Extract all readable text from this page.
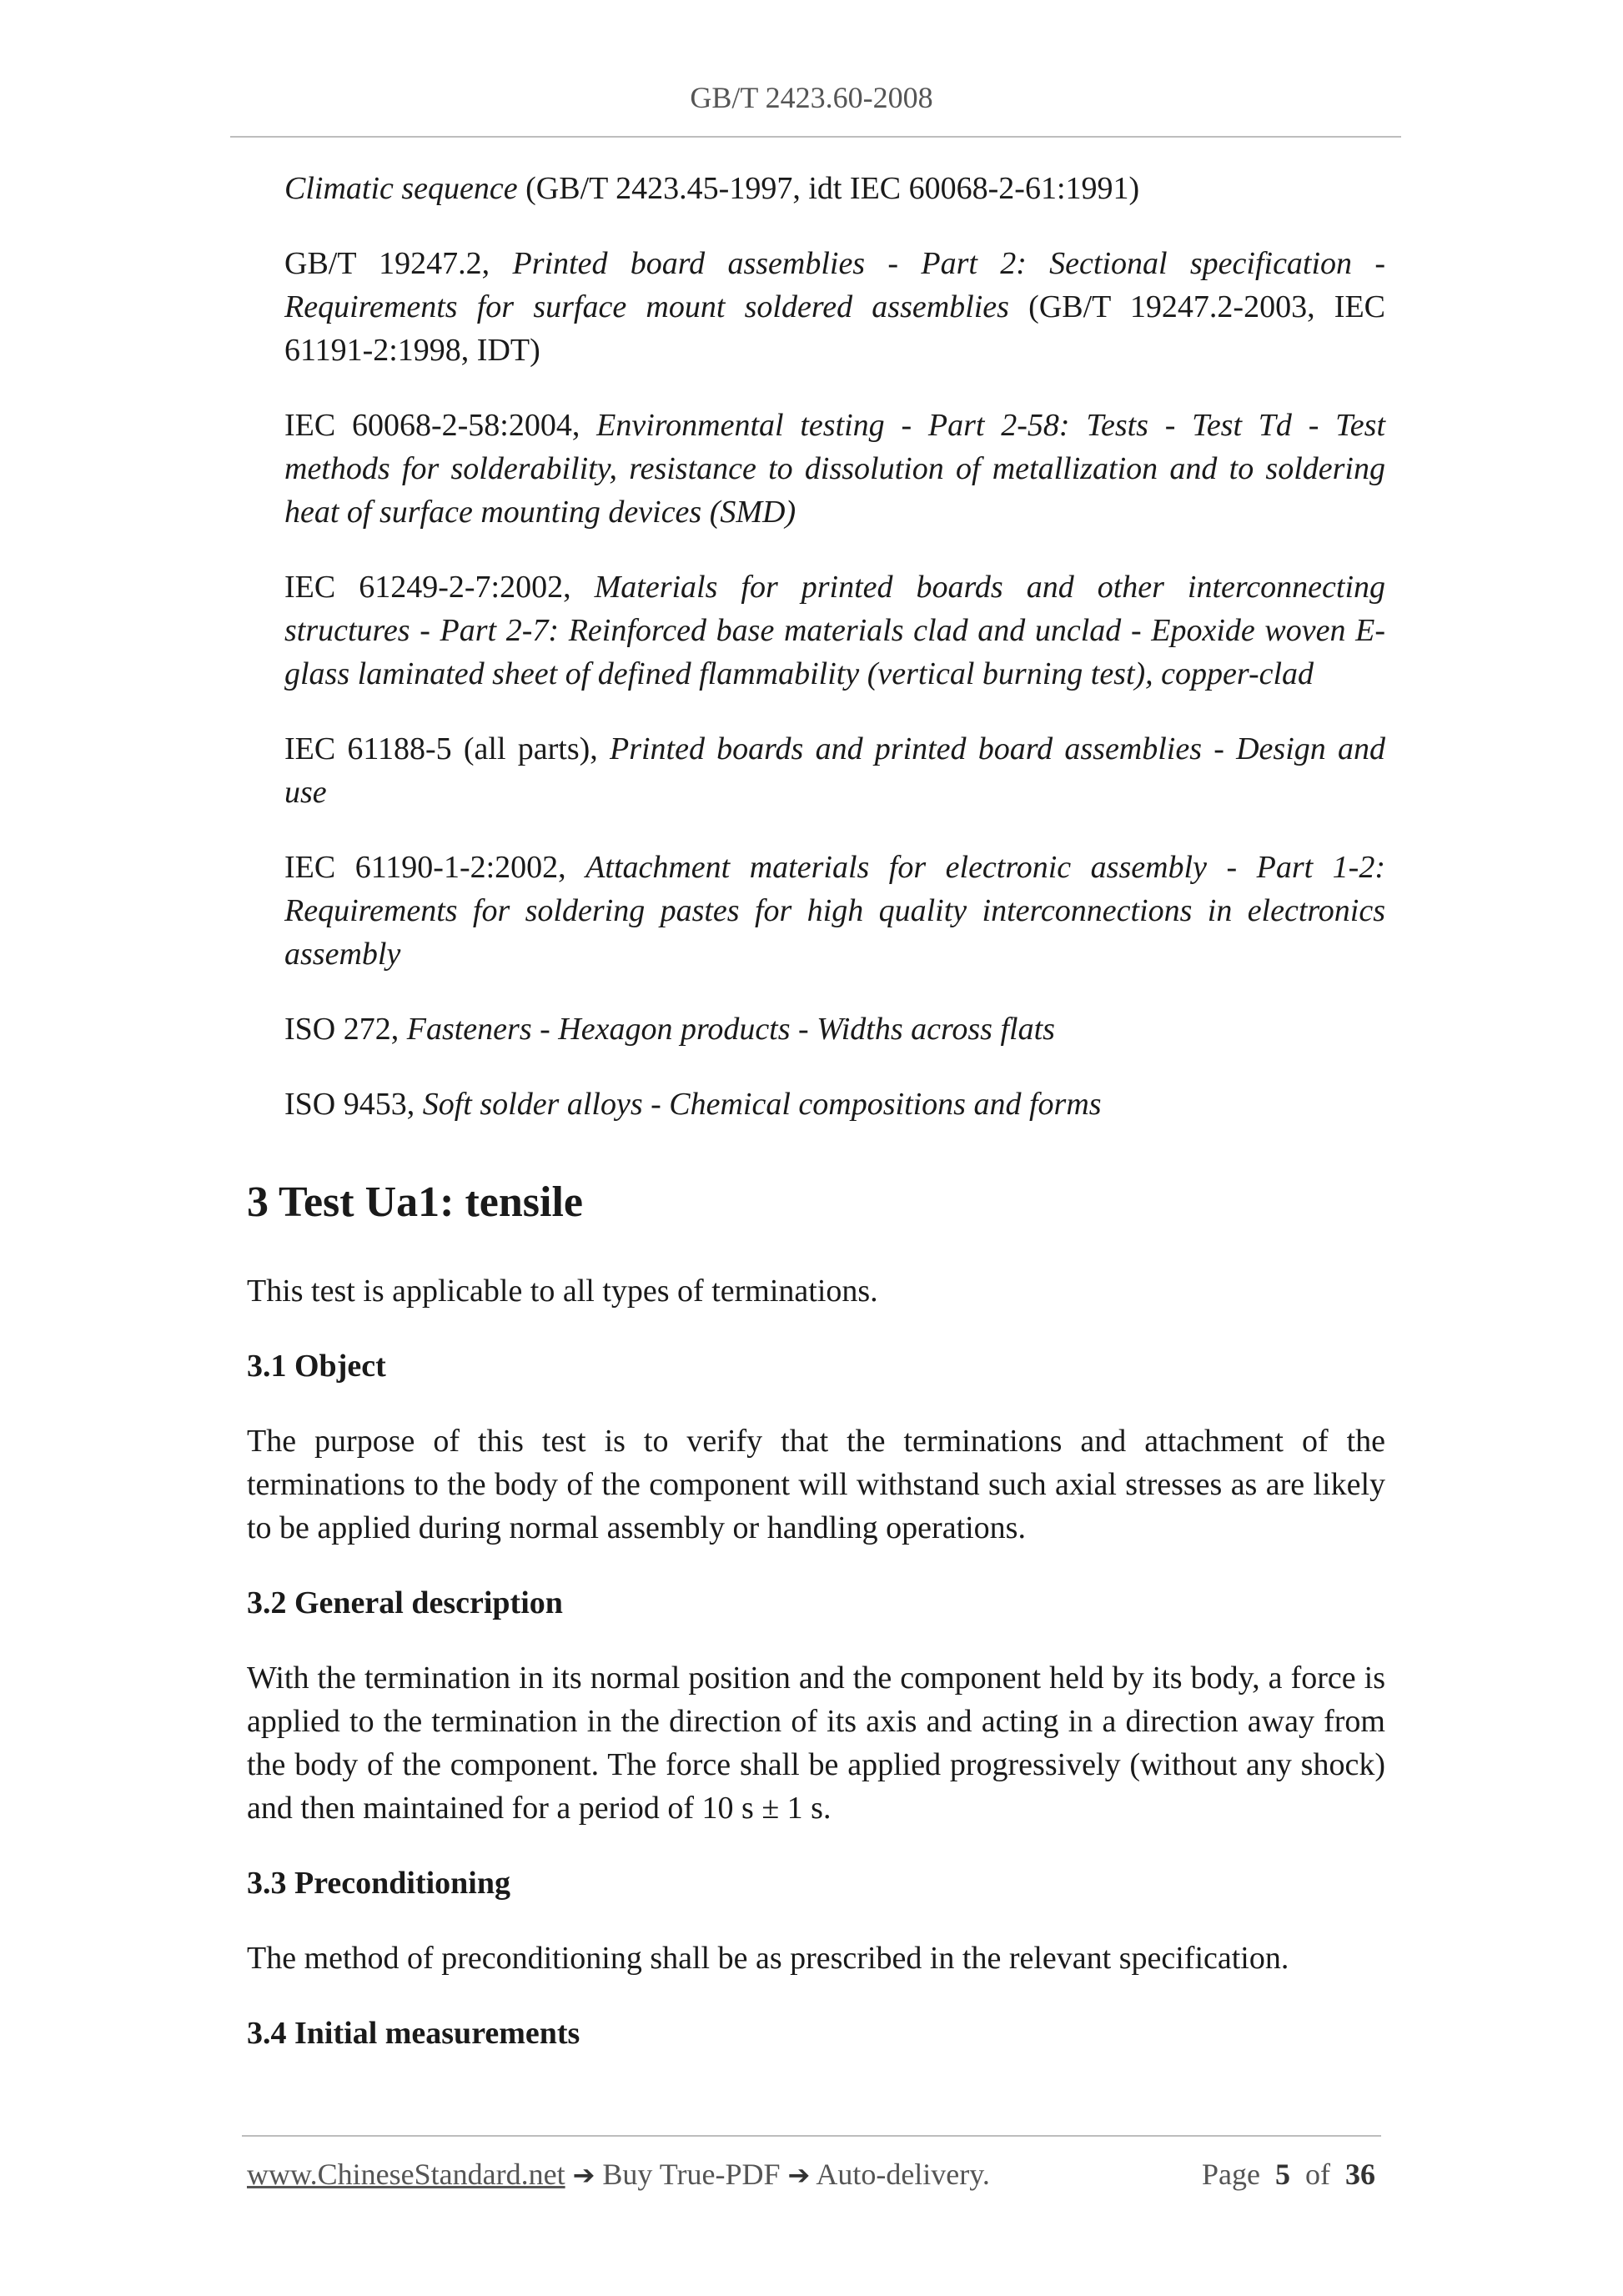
GB/T 2423.60-2008

Climatic sequence (GB/T 2423.45-1997, idt IEC 60068-2-61:1991)

GB/T 19247.2, Printed board assemblies - Part 2: Sectional specification - Requirements for surface mount soldered assemblies (GB/T 19247.2-2003, IEC 61191-2:1998, IDT)

IEC 60068-2-58:2004, Environmental testing - Part 2-58: Tests - Test Td - Test methods for solderability, resistance to dissolution of metallization and to soldering heat of surface mounting devices (SMD)

IEC 61249-2-7:2002, Materials for printed boards and other interconnecting structures - Part 2-7: Reinforced base materials clad and unclad - Epoxide woven E-glass laminated sheet of defined flammability (vertical burning test), copper-clad

IEC 61188-5 (all parts), Printed boards and printed board assemblies - Design and use

IEC 61190-1-2:2002, Attachment materials for electronic assembly - Part 1-2: Requirements for soldering pastes for high quality interconnections in electronics assembly

ISO 272, Fasteners - Hexagon products - Widths across flats

ISO 9453, Soft solder alloys - Chemical compositions and forms

3 Test Ua1: tensile

This test is applicable to all types of terminations.

3.1 Object

The purpose of this test is to verify that the terminations and attachment of the terminations to the body of the component will withstand such axial stresses as are likely to be applied during normal assembly or handling operations.

3.2 General description

With the termination in its normal position and the component held by its body, a force is applied to the termination in the direction of its axis and acting in a direction away from the body of the component. The force shall be applied progressively (without any shock) and then maintained for a period of 10 s ± 1 s.

3.3 Preconditioning

The method of preconditioning shall be as prescribed in the relevant specification.

3.4 Initial measurements
www.ChineseStandard.net ➔ Buy True-PDF ➔ Auto-delivery.	Page 5 of 36
